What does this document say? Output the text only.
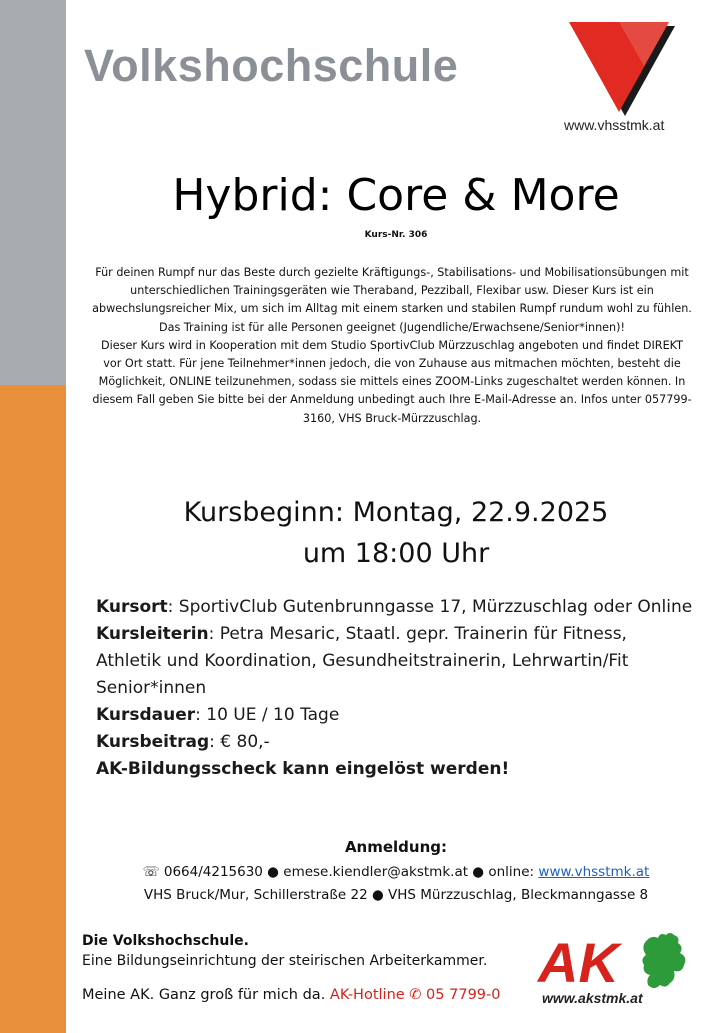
Volkshochschule
www.vhsstmk.at
Hybrid: Core & More
Kurs-Nr. 306

Für deinen Rumpf nur das Beste durch gezielte Kräftigungs-, Stabilisations- und Mobilisationsübungen mit unterschiedlichen Trainingsgeräten wie Theraband, Pezziball, Flexibar usw. Dieser Kurs ist ein abwechslungsreicher Mix, um sich im Alltag mit einem starken und stabilen Rumpf rundum wohl zu fühlen. Das Training ist für alle Personen geeignet (Jugendliche/Erwachsene/Senior*innen)!

Dieser Kurs wird in Kooperation mit dem Studio SportivClub Mürzzuschlag angeboten und findet DIREKT vor Ort statt. Für jene Teilnehmer*innen jedoch, die von Zuhause aus mitmachen möchten, besteht die Möglichkeit, ONLINE teilzunehmen, sodass sie mittels eines ZOOM-Links zugeschaltet werden können. In diesem Fall geben Sie bitte bei der Anmeldung unbedingt auch Ihre E-Mail-Adresse an. Infos unter 057799-3160, VHS Bruck-Mürzzuschlag.

Kursbeginn: Montag, 22.9.2025
um 18:00 Uhr

Kursort: SportivClub Gutenbrunngasse 17, Mürzzuschlag oder Online

Kursleiterin: Petra Mesaric, Staatl. gepr. Trainerin für Fitness, Athletik und Koordination, Gesundheitstrainerin, Lehrwartin/Fit Senior*innen

Kursdauer: 10 UE / 10 Tage

Kursbeitrag: € 80,-

AK-Bildungsscheck kann eingelöst werden!

Anmeldung:
☏ 0664/4215630 ● emese.kiendler@akstmk.at ● online: www.vhsstmk.at
VHS Bruck/Mur, Schillerstraße 22 ● VHS Mürzzuschlag, Bleckmanngasse 8
Die Volkshochschule.
Eine Bildungseinrichtung der steirischen Arbeiterkammer.
Meine AK. Ganz groß für mich da. AK-Hotline ✆ 05 7799-0
AK
www.akstmk.at
